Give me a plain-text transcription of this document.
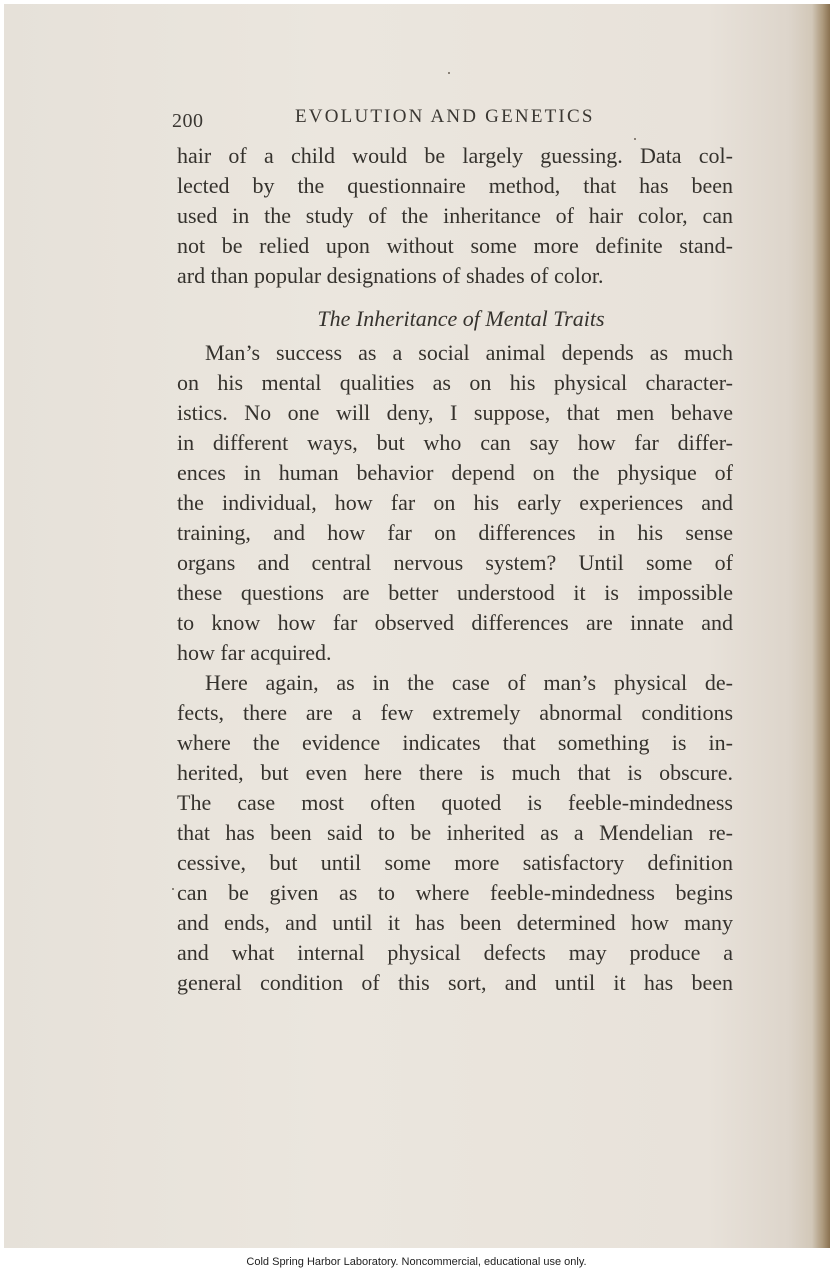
200	EVOLUTION AND GENETICS
hair of a child would be largely guessing. Data col-
lected by the questionnaire method, that has been
used in the study of the inheritance of hair color, can
not be relied upon without some more definite stand-
ard than popular designations of shades of color.
The Inheritance of Mental Traits
Man’s success as a social animal depends as much
on his mental qualities as on his physical character-
istics. No one will deny, I suppose, that men behave
in different ways, but who can say how far differ-
ences in human behavior depend on the physique of
the individual, how far on his early experiences and
training, and how far on differences in his sense
organs and central nervous system? Until some of
these questions are better understood it is impossible
to know how far observed differences are innate and
how far acquired.
Here again, as in the case of man’s physical de-
fects, there are a few extremely abnormal conditions
where the evidence indicates that something is in-
herited, but even here there is much that is obscure.
The case most often quoted is feeble-mindedness
that has been said to be inherited as a Mendelian re-
cessive, but until some more satisfactory definition
can be given as to where feeble-mindedness begins
and ends, and until it has been determined how many
and what internal physical defects may produce a
general condition of this sort, and until it has been
Cold Spring Harbor Laboratory. Noncommercial, educational use only.
